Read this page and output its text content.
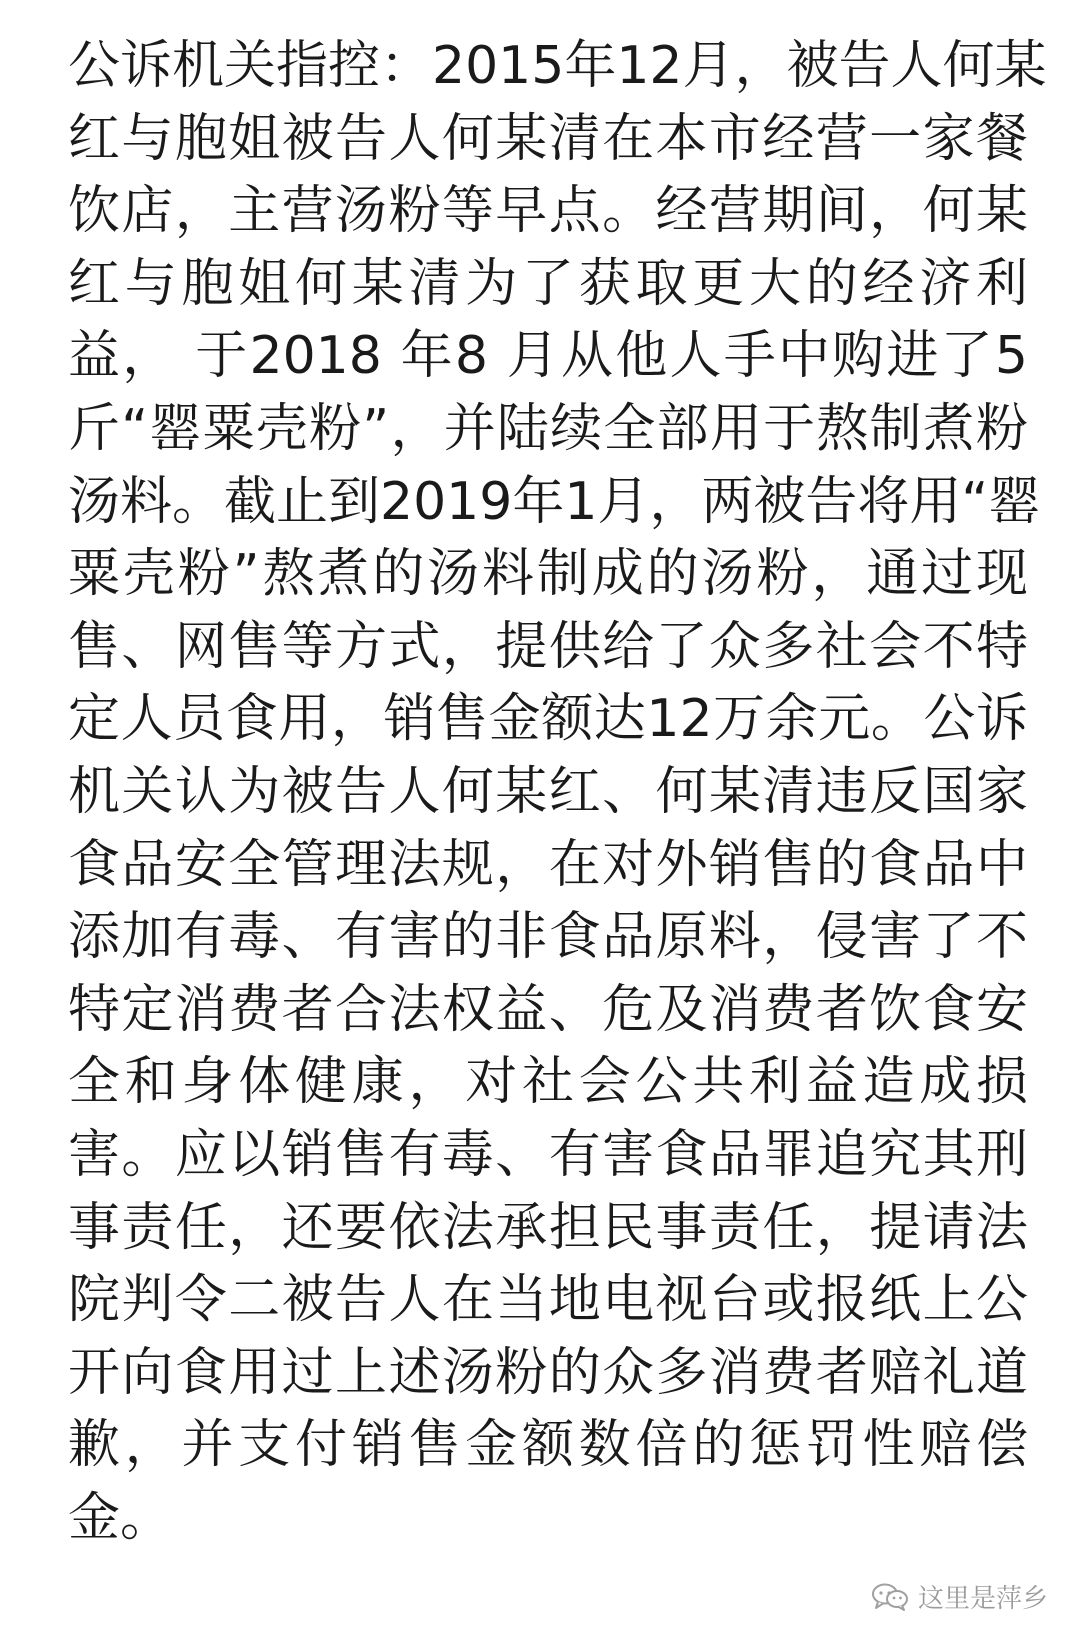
公诉机关指控：2015年12月，被告人何某
红与胞姐被告人何某清在本市经营一家餐
饮店，主营汤粉等早点。经营期间，何某
红与胞姐何某清为了获取更大的经济利
益， 于2018 年8 月从他人手中购进了5
斤“罂粟壳粉”，并陆续全部用于熬制煮粉
汤料。截止到2019年1月，两被告将用“罂
粟壳粉”熬煮的汤料制成的汤粉，通过现
售、网售等方式，提供给了众多社会不特
定人员食用，销售金额达12万余元。公诉
机关认为被告人何某红、何某清违反国家
食品安全管理法规，在对外销售的食品中
添加有毒、有害的非食品原料，侵害了不
特定消费者合法权益、危及消费者饮食安
全和身体健康，对社会公共利益造成损
害。应以销售有毒、有害食品罪追究其刑
事责任，还要依法承担民事责任，提请法
院判令二被告人在当地电视台或报纸上公
开向食用过上述汤粉的众多消费者赔礼道
歉，并支付销售金额数倍的惩罚性赔偿
金。
这里是萍乡
